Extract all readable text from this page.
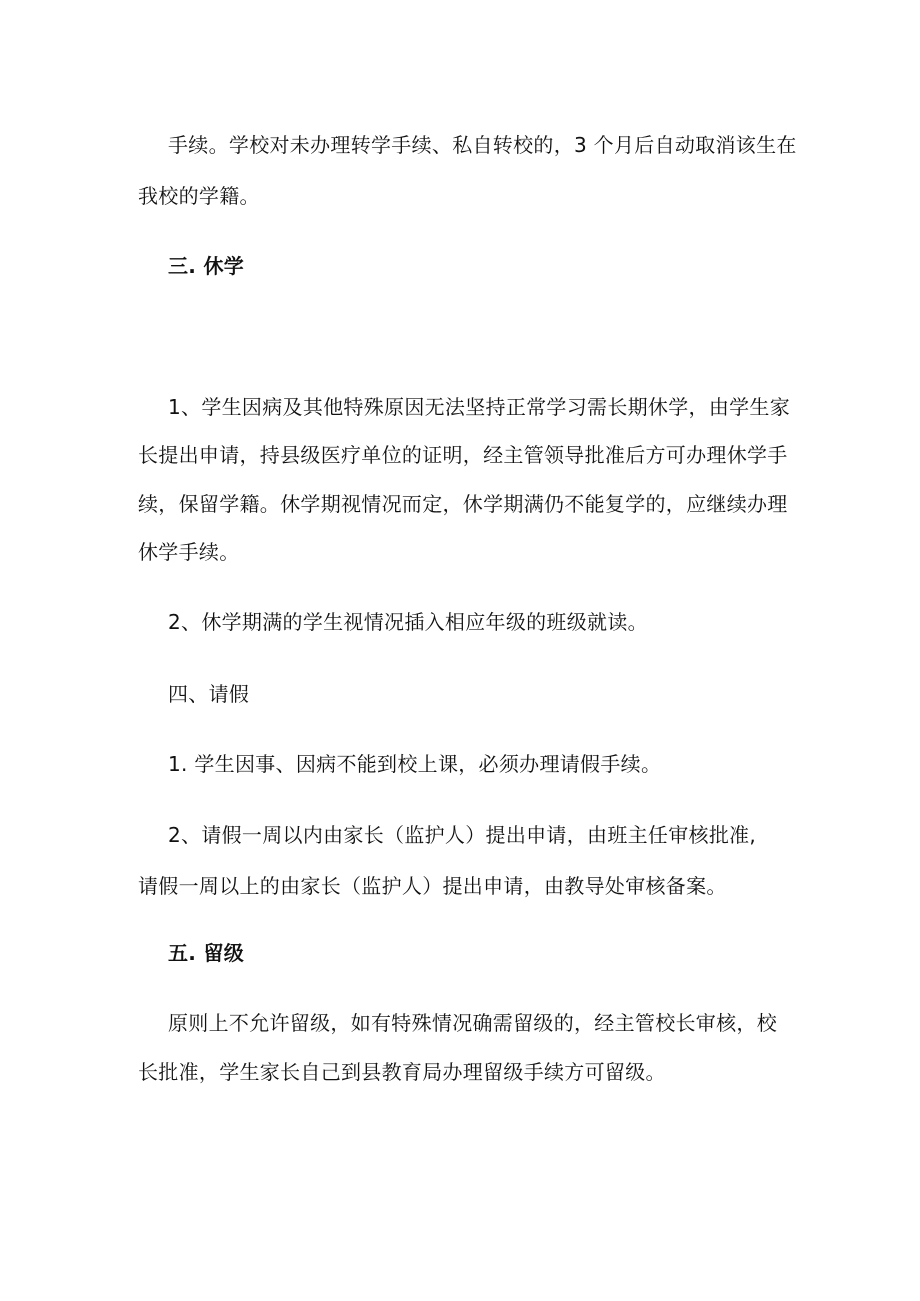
手续。学校对未办理转学手续、私自转校的，3 个月后自动取消该生在

我校的学籍。

三. 休学

1、学生因病及其他特殊原因无法坚持正常学习需长期休学，由学生家

长提出申请，持县级医疗单位的证明，经主管领导批准后方可办理休学手

续，保留学籍。休学期视情况而定，休学期满仍不能复学的，应继续办理

休学手续。

2、休学期满的学生视情况插入相应年级的班级就读。

四、请假

1. 学生因事、因病不能到校上课，必须办理请假手续。

2、请假一周以内由家长（监护人）提出申请，由班主任审核批准,

请假一周以上的由家长（监护人）提出申请，由教导处审核备案。

五. 留级

原则上不允许留级，如有特殊情况确需留级的，经主管校长审核，校

长批准，学生家长自己到县教育局办理留级手续方可留级。
